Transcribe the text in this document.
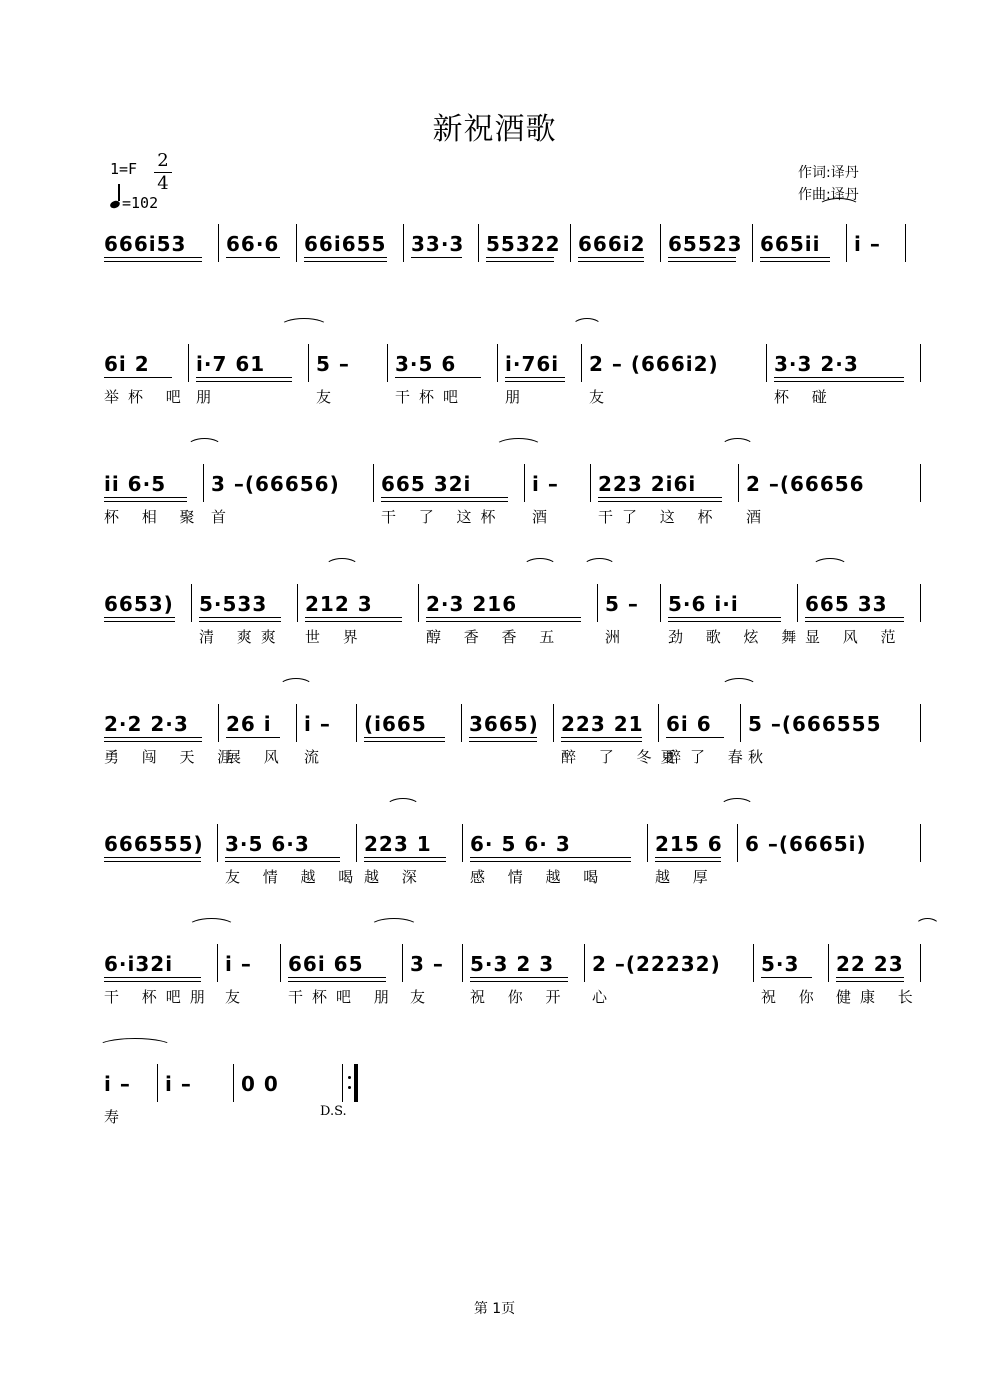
新祝酒歌
1=F 2
4
=102
作词:译丹
作曲:译丹
666i53 66·6 66i655 33·3 55322 666i2 65523 665ii i –
6i 2
举杯 吧
i·7 61
朋
5 –
友
3·5 6
干杯吧
i·76i
朋
2 – (666i2)
友
3·3 2·3
杯 碰
ii 6·5
杯 相 聚
3 –(66656)
首
665 32i
干 了 这杯
i –
酒
223 2i6i
干了 这 杯
2 –(66656
酒
6653) 5·533
清 爽爽
212 3
世 界
2·3 216
醇 香 香 五
5 –
洲
5·6 i·i
劲 歌 炫 舞
665 33
显 风 范
2·2 2·3
勇 闯 天 涯
26 i
展 风
i –
流
(i665 3665) 223 21
醉 了 冬夏
6i 6
醉了 春
5 –(666555
秋
666555) 3·5 6·3
友 情 越 喝
223 1
越 深
6· 5 6· 3
感 情 越 喝
215 6
越 厚
6 –(6665i)
6·i32i
干 杯吧朋
i –
友
66i 65
干杯吧 朋
3 –
友
5·3 2 3
祝 你 开
2 –(22232)
心
5·3
祝 你
22 23
健康 长
i –
寿
i – 0 0
D.S.
第 1页
